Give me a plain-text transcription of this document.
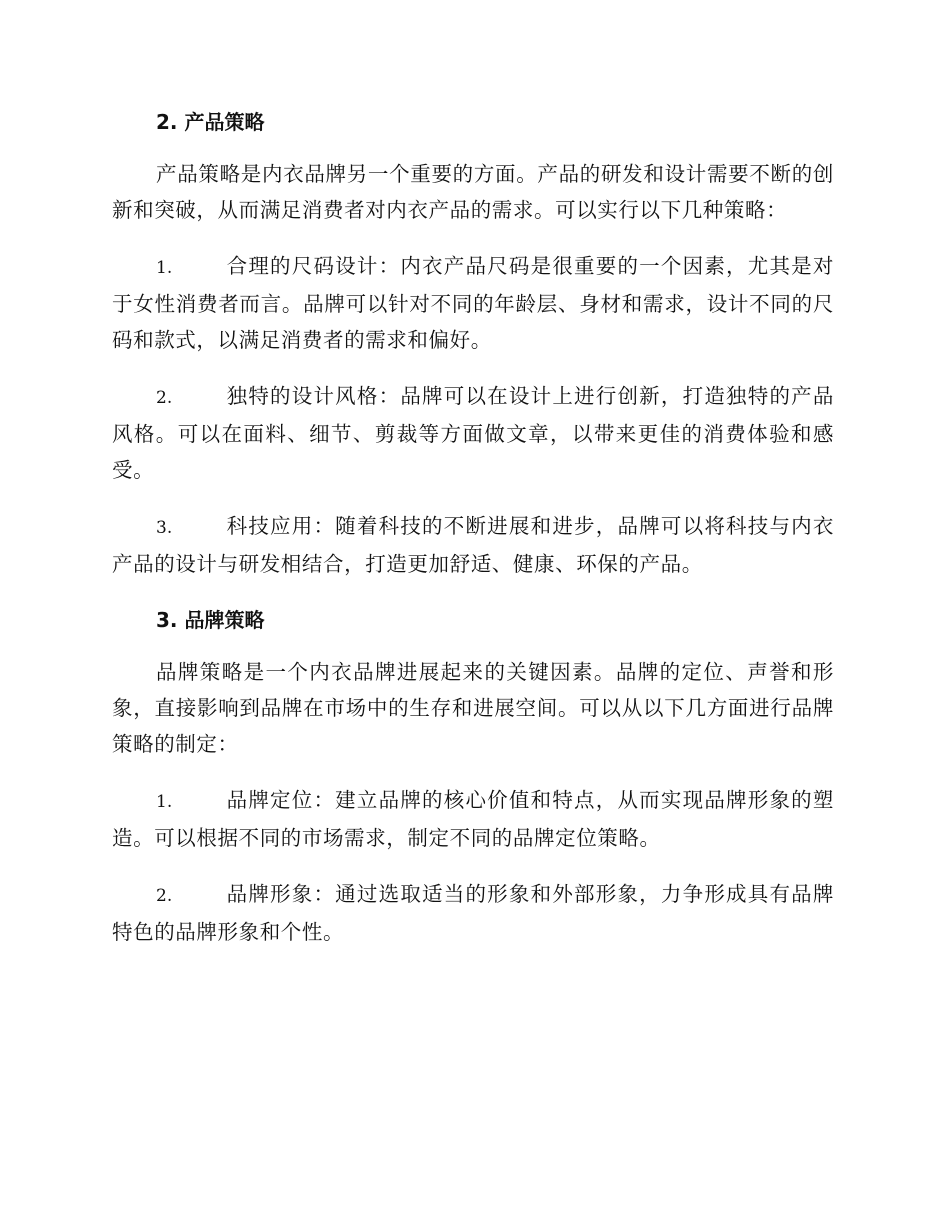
2. 产品策略

产品策略是内衣品牌另一个重要的方面。产品的研发和设计需要不断的创新和突破，从而满足消费者对内衣产品的需求。可以实行以下几种策略：

1.	合理的尺码设计：内衣产品尺码是很重要的一个因素，尤其是对于女性消费者而言。品牌可以针对不同的年龄层、身材和需求，设计不同的尺码和款式，以满足消费者的需求和偏好。

2.	独特的设计风格：品牌可以在设计上进行创新，打造独特的产品风格。可以在面料、细节、剪裁等方面做文章，以带来更佳的消费体验和感受。

3.	科技应用：随着科技的不断进展和进步，品牌可以将科技与内衣产品的设计与研发相结合，打造更加舒适、健康、环保的产品。

3. 品牌策略

品牌策略是一个内衣品牌进展起来的关键因素。品牌的定位、声誉和形象，直接影响到品牌在市场中的生存和进展空间。可以从以下几方面进行品牌策略的制定：

1.	品牌定位：建立品牌的核心价值和特点，从而实现品牌形象的塑造。可以根据不同的市场需求，制定不同的品牌定位策略。

2.	品牌形象：通过选取适当的形象和外部形象，力争形成具有品牌特色的品牌形象和个性。
